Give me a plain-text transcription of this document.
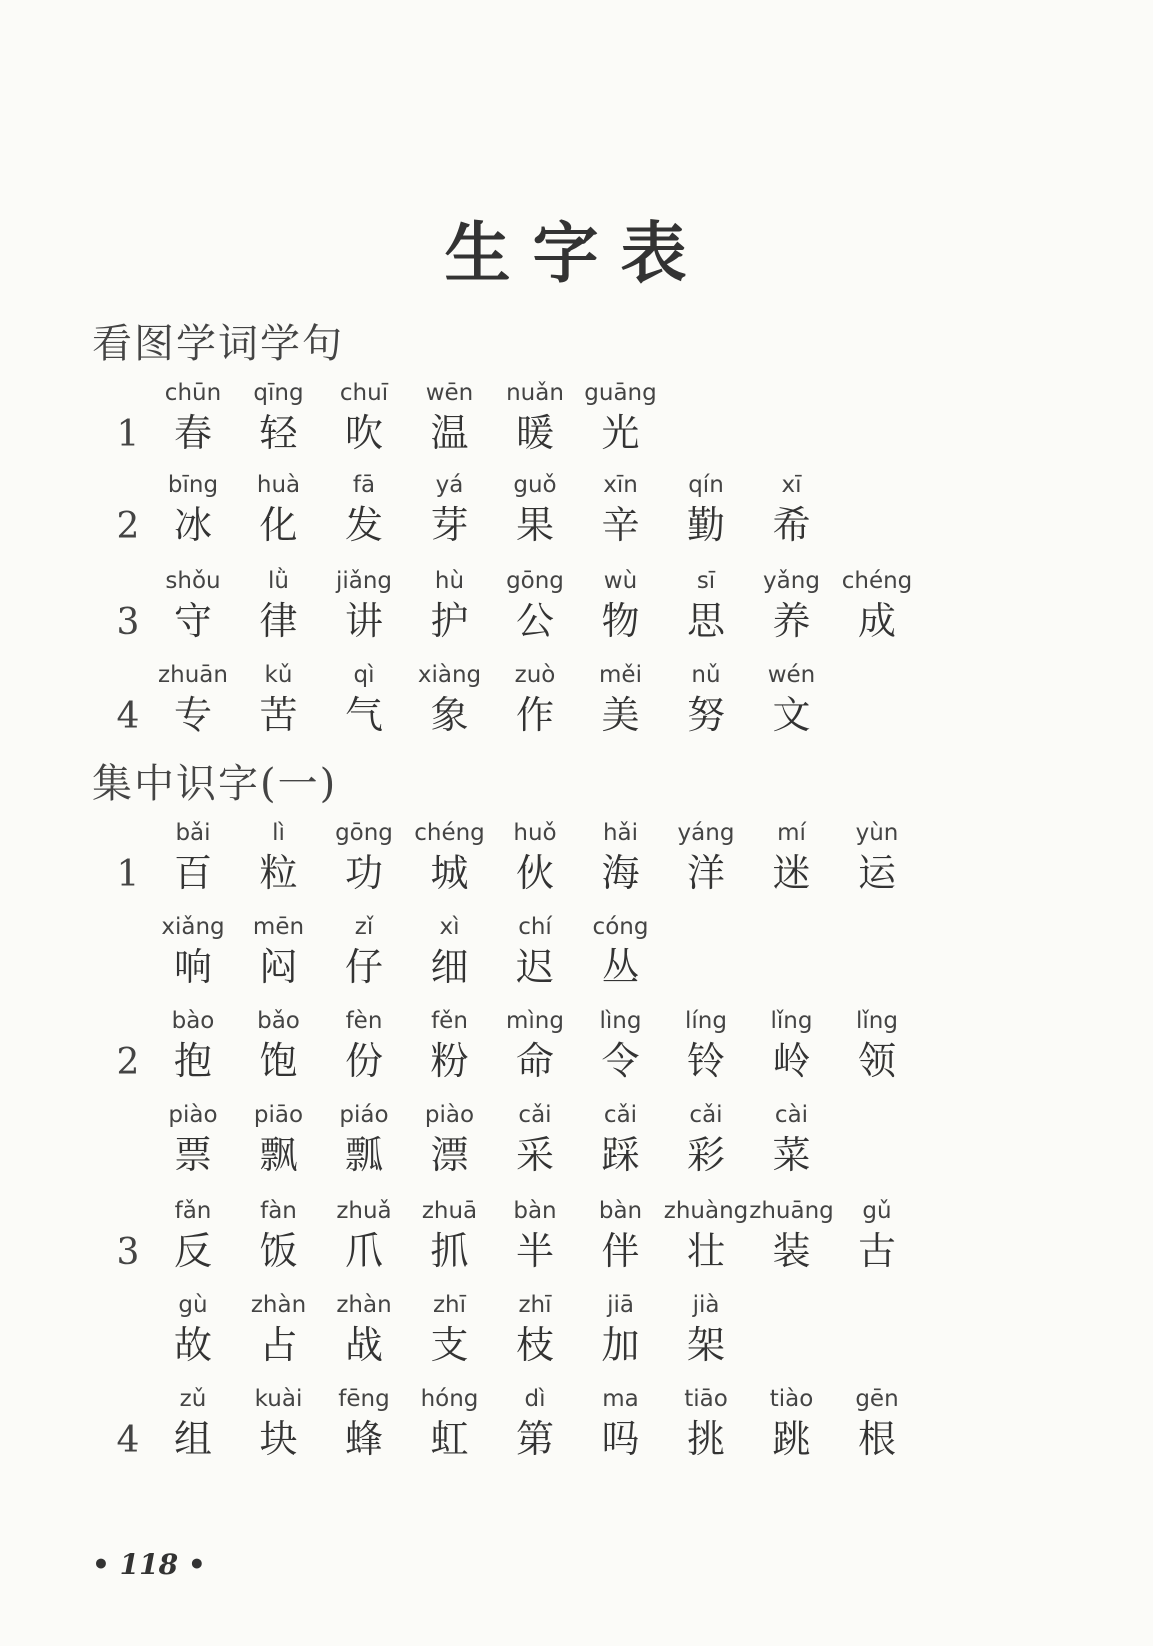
生字表
看图学词学句
1
chūn
春
qīng
轻
chuī
吹
wēn
温
nuǎn
暖
guāng
光
2
bīng
冰
huà
化
fā
发
yá
芽
guǒ
果
xīn
辛
qín
勤
xī
希
3
shǒu
守
lǜ
律
jiǎng
讲
hù
护
gōng
公
wù
物
sī
思
yǎng
养
chéng
成
4
zhuān
专
kǔ
苦
qì
气
xiàng
象
zuò
作
měi
美
nǔ
努
wén
文
集中识字(一)
1
bǎi
百
lì
粒
gōng
功
chéng
城
huǒ
伙
hǎi
海
yáng
洋
mí
迷
yùn
运
xiǎng
响
mēn
闷
zǐ
仔
xì
细
chí
迟
cóng
丛
2
bào
抱
bǎo
饱
fèn
份
fěn
粉
mìng
命
lìng
令
líng
铃
lǐng
岭
lǐng
领
piào
票
piāo
飘
piáo
瓢
piào
漂
cǎi
采
cǎi
踩
cǎi
彩
cài
菜
3
fǎn
反
fàn
饭
zhuǎ
爪
zhuā
抓
bàn
半
bàn
伴
zhuàng
壮
zhuāng
装
gǔ
古
gù
故
zhàn
占
zhàn
战
zhī
支
zhī
枝
jiā
加
jià
架
4
zǔ
组
kuài
块
fēng
蜂
hóng
虹
dì
第
ma
吗
tiāo
挑
tiào
跳
gēn
根
• 118 •
